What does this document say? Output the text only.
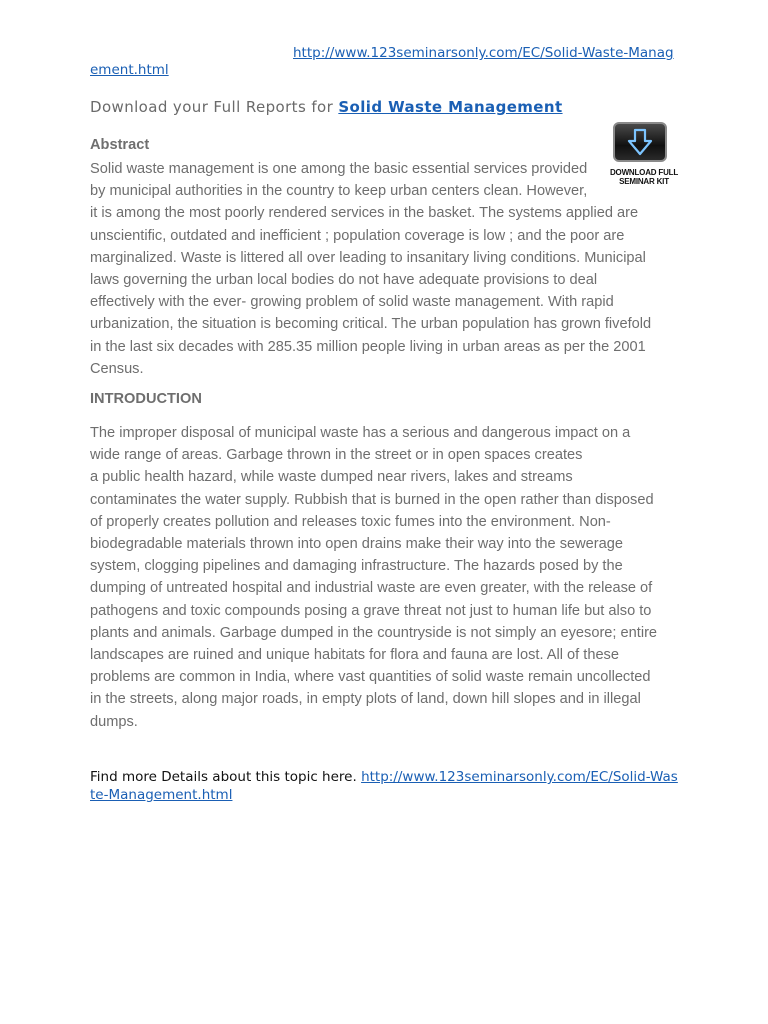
http://www.123seminarsonly.com/EC/Solid-Waste-Management.html

Download your Full Reports for Solid Waste Management

Abstract

DOWNLOAD FULL
SEMINAR KIT
Solid waste management is one among the basic essential services provided
by municipal authorities in the country to keep urban centers clean. However,
it is among the most poorly rendered services in the basket. The systems applied are
unscientific, outdated and inefficient ; population coverage is low ; and the poor are
marginalized. Waste is littered all over leading to insanitary living conditions. Municipal
laws governing the urban local bodies do not have adequate provisions to deal
effectively with the ever- growing problem of solid waste management. With rapid
urbanization, the situation is becoming critical. The urban population has grown fivefold
in the last six decades with 285.35 million people living in urban areas as per the 2001
Census.

INTRODUCTION

The improper disposal of municipal waste has a serious and dangerous impact on a
wide range of areas. Garbage thrown in the street or in open spaces creates
a public health hazard, while waste dumped near rivers, lakes and streams
contaminates the water supply. Rubbish that is burned in the open rather than disposed
of properly creates pollution and releases toxic fumes into the environment. Non-
biodegradable materials thrown into open drains make their way into the sewerage
system, clogging pipelines and damaging infrastructure. The hazards posed by the
dumping of untreated hospital and industrial waste are even greater, with the release of
pathogens and toxic compounds posing a grave threat not just to human life but also to
plants and animals. Garbage dumped in the countryside is not simply an eyesore; entire
landscapes are ruined and unique habitats for flora and fauna are lost. All of these
problems are common in India, where vast quantities of solid waste remain uncollected
in the streets, along major roads, in empty plots of land, down hill slopes and in illegal
dumps.

Find more Details about this topic here. http://www.123seminarsonly.com/EC/Solid-Waste-Management.html
